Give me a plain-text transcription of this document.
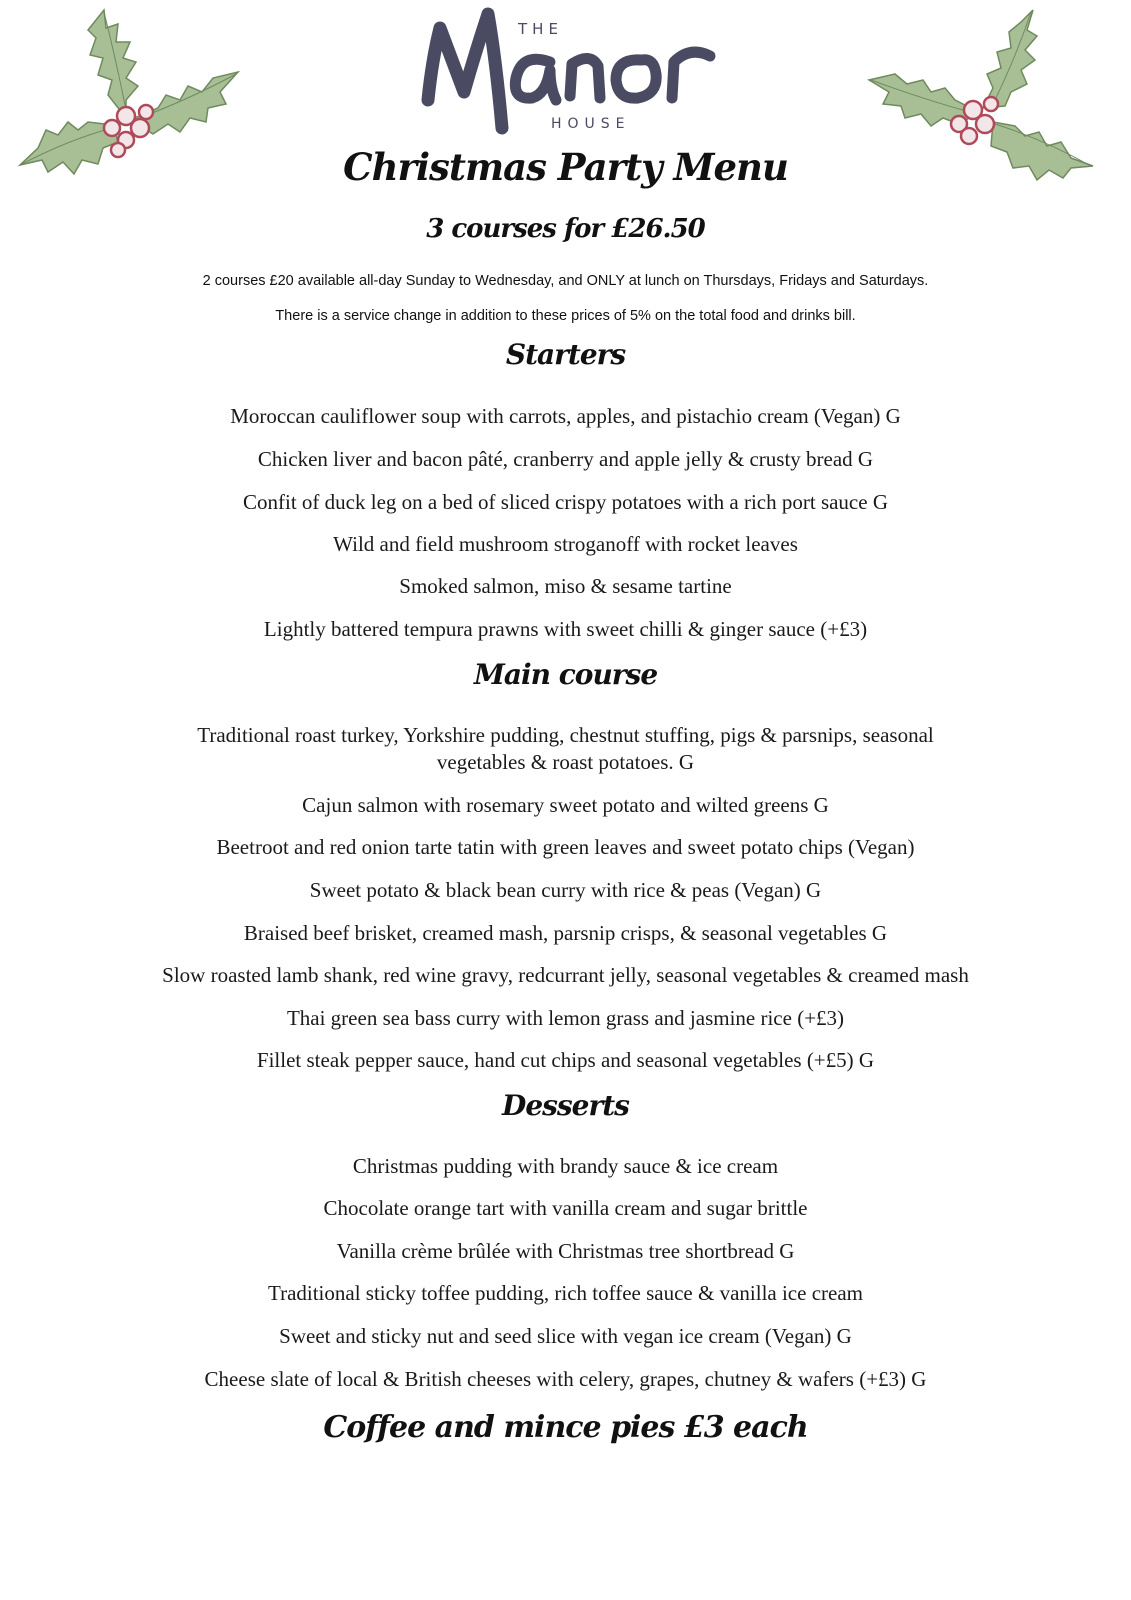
THE
HOUSE
Christmas Party Menu
3 courses for £26.50
2 courses £20 available all-day Sunday to Wednesday, and ONLY at lunch on Thursdays, Fridays and Saturdays.
There is a service change in addition to these prices of 5% on the total food and drinks bill.
Starters
Moroccan cauliflower soup with carrots, apples, and pistachio cream (Vegan) G
Chicken liver and bacon pâté, cranberry and apple jelly & crusty bread G
Confit of duck leg on a bed of sliced crispy potatoes with a rich port sauce G
Wild and field mushroom stroganoff with rocket leaves
Smoked salmon, miso & sesame tartine
Lightly battered tempura prawns with sweet chilli & ginger sauce (+£3)
Main course
Traditional roast turkey, Yorkshire pudding, chestnut stuffing, pigs & parsnips, seasonal vegetables & roast potatoes. G
Cajun salmon with rosemary sweet potato and wilted greens G
Beetroot and red onion tarte tatin with green leaves and sweet potato chips (Vegan)
Sweet potato & black bean curry with rice & peas (Vegan) G
Braised beef brisket, creamed mash, parsnip crisps, & seasonal vegetables G
Slow roasted lamb shank, red wine gravy, redcurrant jelly, seasonal vegetables & creamed mash
Thai green sea bass curry with lemon grass and jasmine rice (+£3)
Fillet steak pepper sauce, hand cut chips and seasonal vegetables (+£5) G
Desserts
Christmas pudding with brandy sauce & ice cream
Chocolate orange tart with vanilla cream and sugar brittle
Vanilla crème brûlée with Christmas tree shortbread G
Traditional sticky toffee pudding, rich toffee sauce & vanilla ice cream
Sweet and sticky nut and seed slice with vegan ice cream (Vegan) G
Cheese slate of local & British cheeses with celery, grapes, chutney & wafers (+£3) G
Coffee and mince pies £3 each
